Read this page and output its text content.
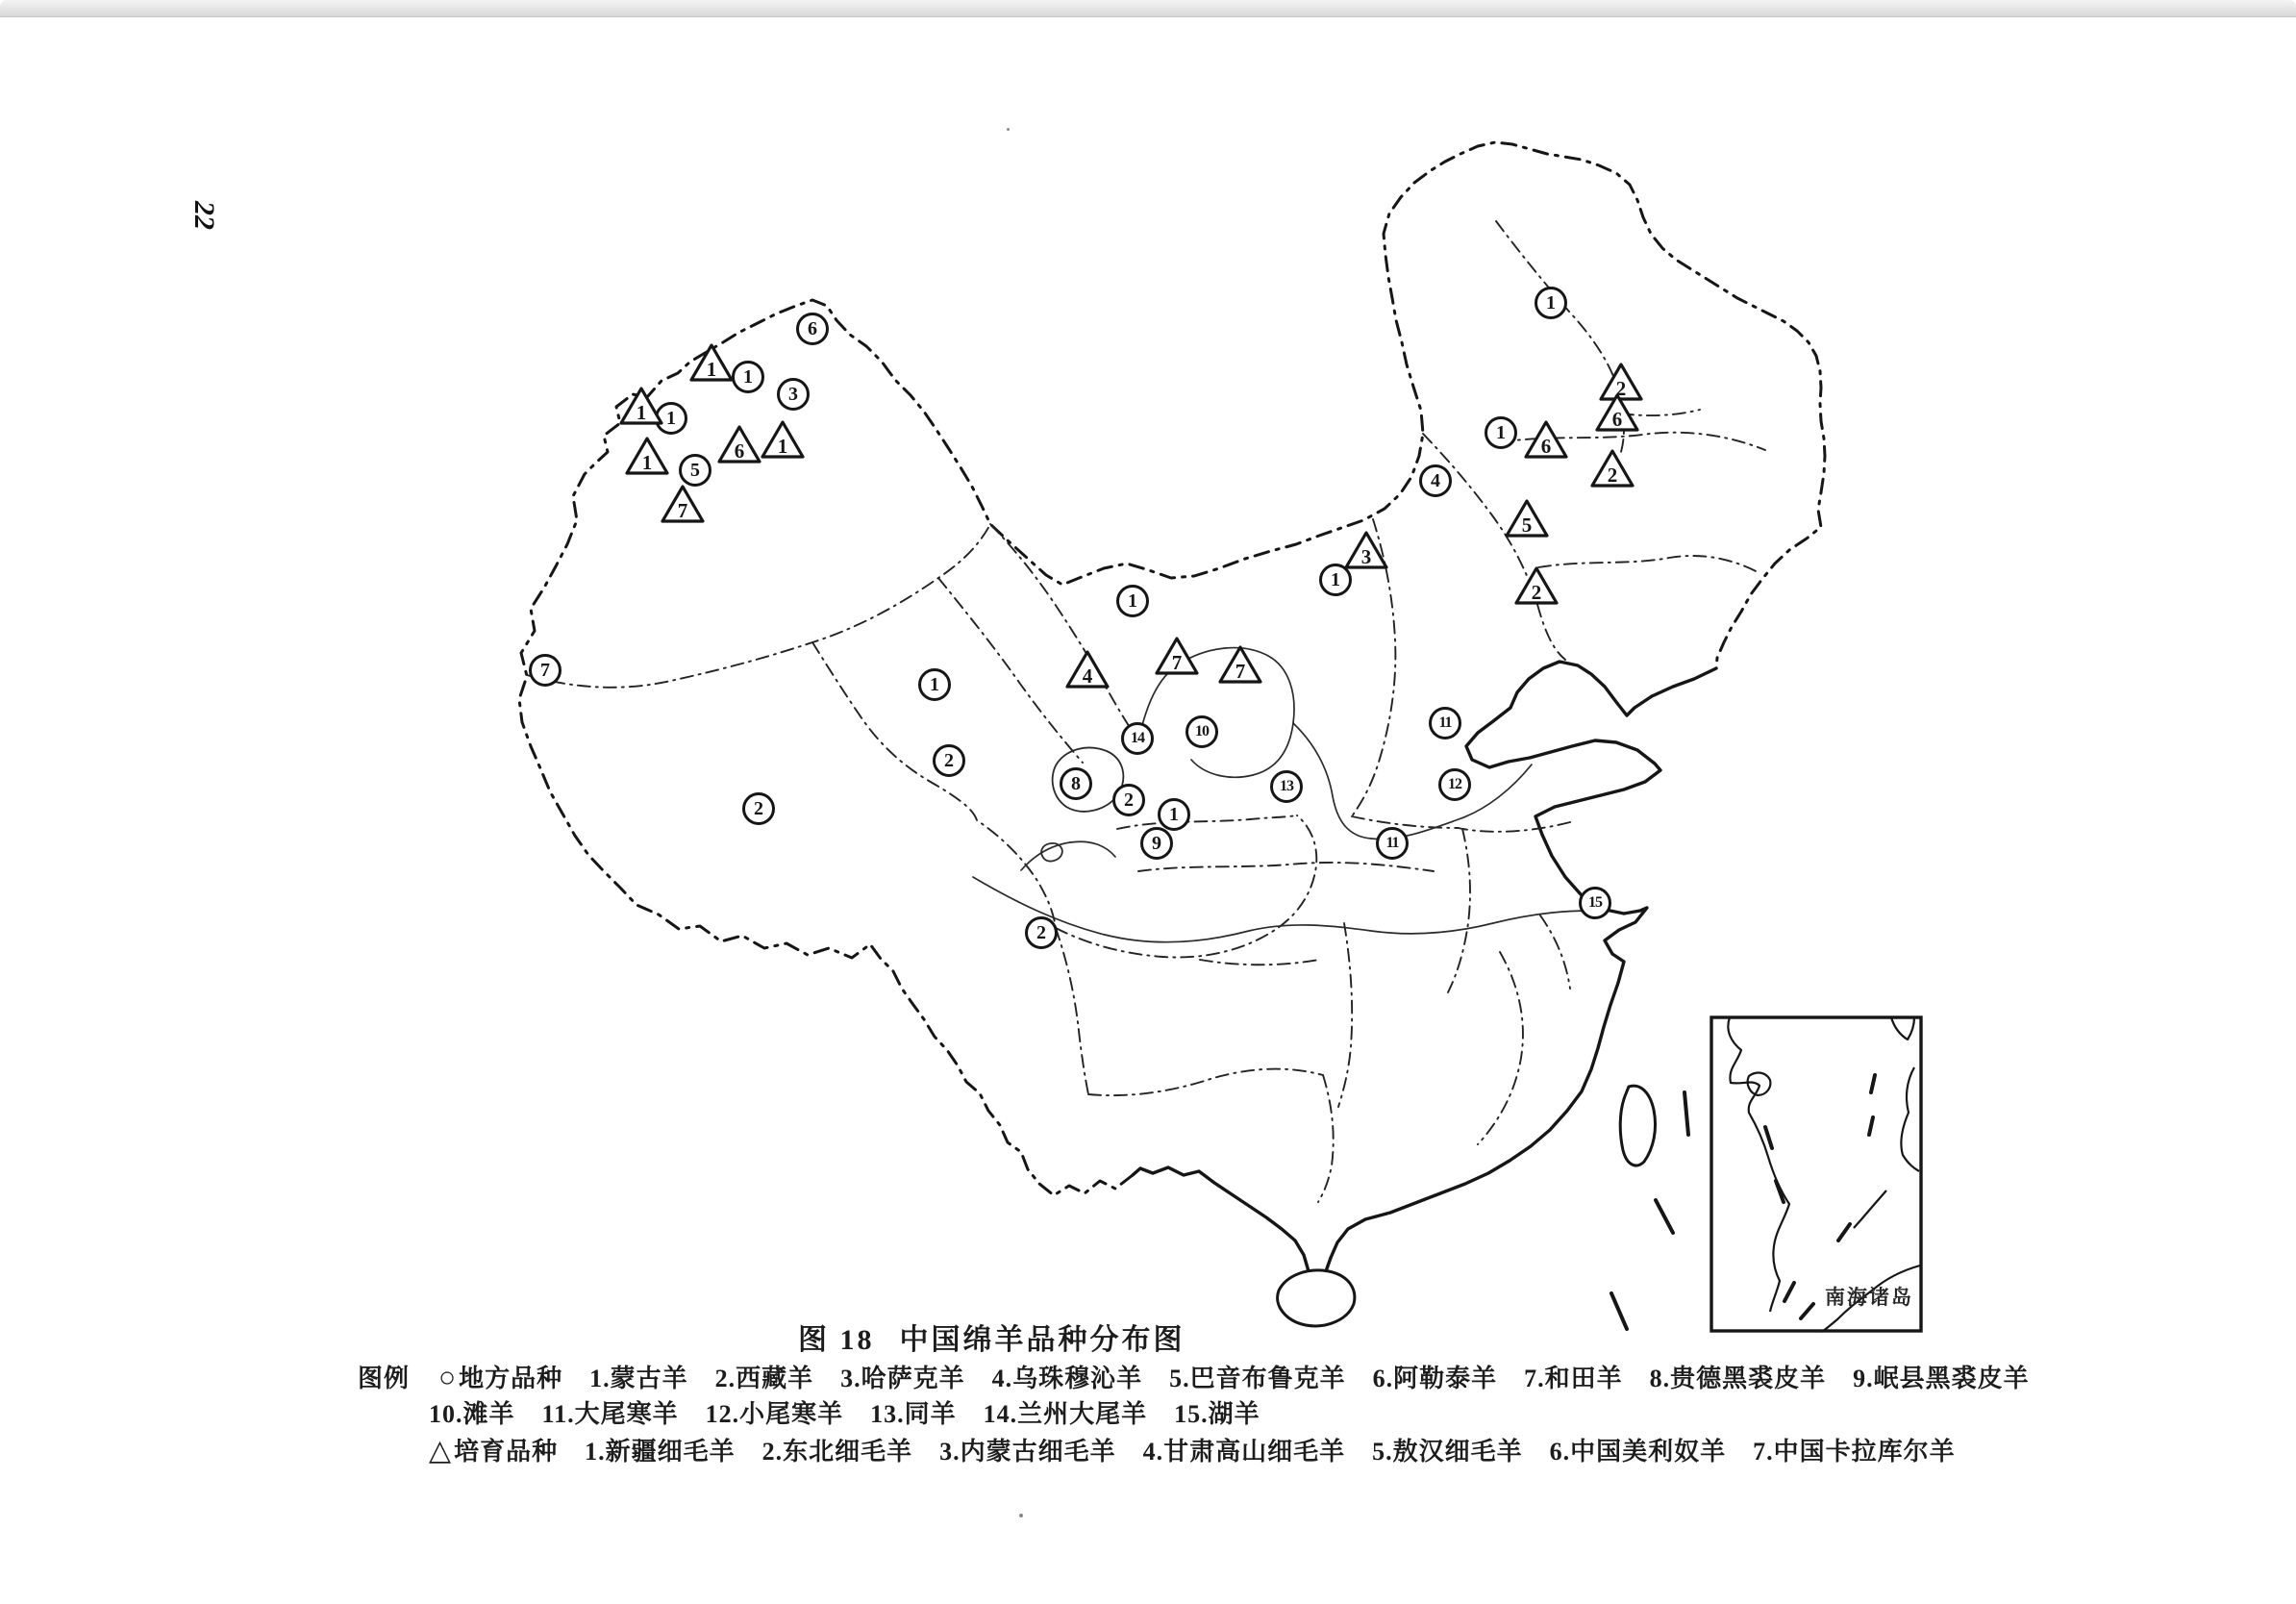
22
南海诸岛
6
1
3
1
5
7
1
1
2
2
2
8
2
1
9
14	10
13
1
11
12
11
15
1
1
4
1
1
1
6
1
7
4
7	7
3
2
6
6
2
5
2
图 18 中国绵羊品种分布图
图例 ○地方品种 1.蒙古羊  2.西藏羊  3.哈萨克羊  4.乌珠穆沁羊  5.巴音布鲁克羊  6.阿勒泰羊  7.和田羊  8.贵德黑裘皮羊  9.岷县黑裘皮羊
10.滩羊  11.大尾寒羊  12.小尾寒羊  13.同羊  14.兰州大尾羊  15.湖羊
△培育品种 1.新疆细毛羊  2.东北细毛羊  3.内蒙古细毛羊  4.甘肃高山细毛羊  5.敖汉细毛羊  6.中国美利奴羊  7.中国卡拉库尔羊
